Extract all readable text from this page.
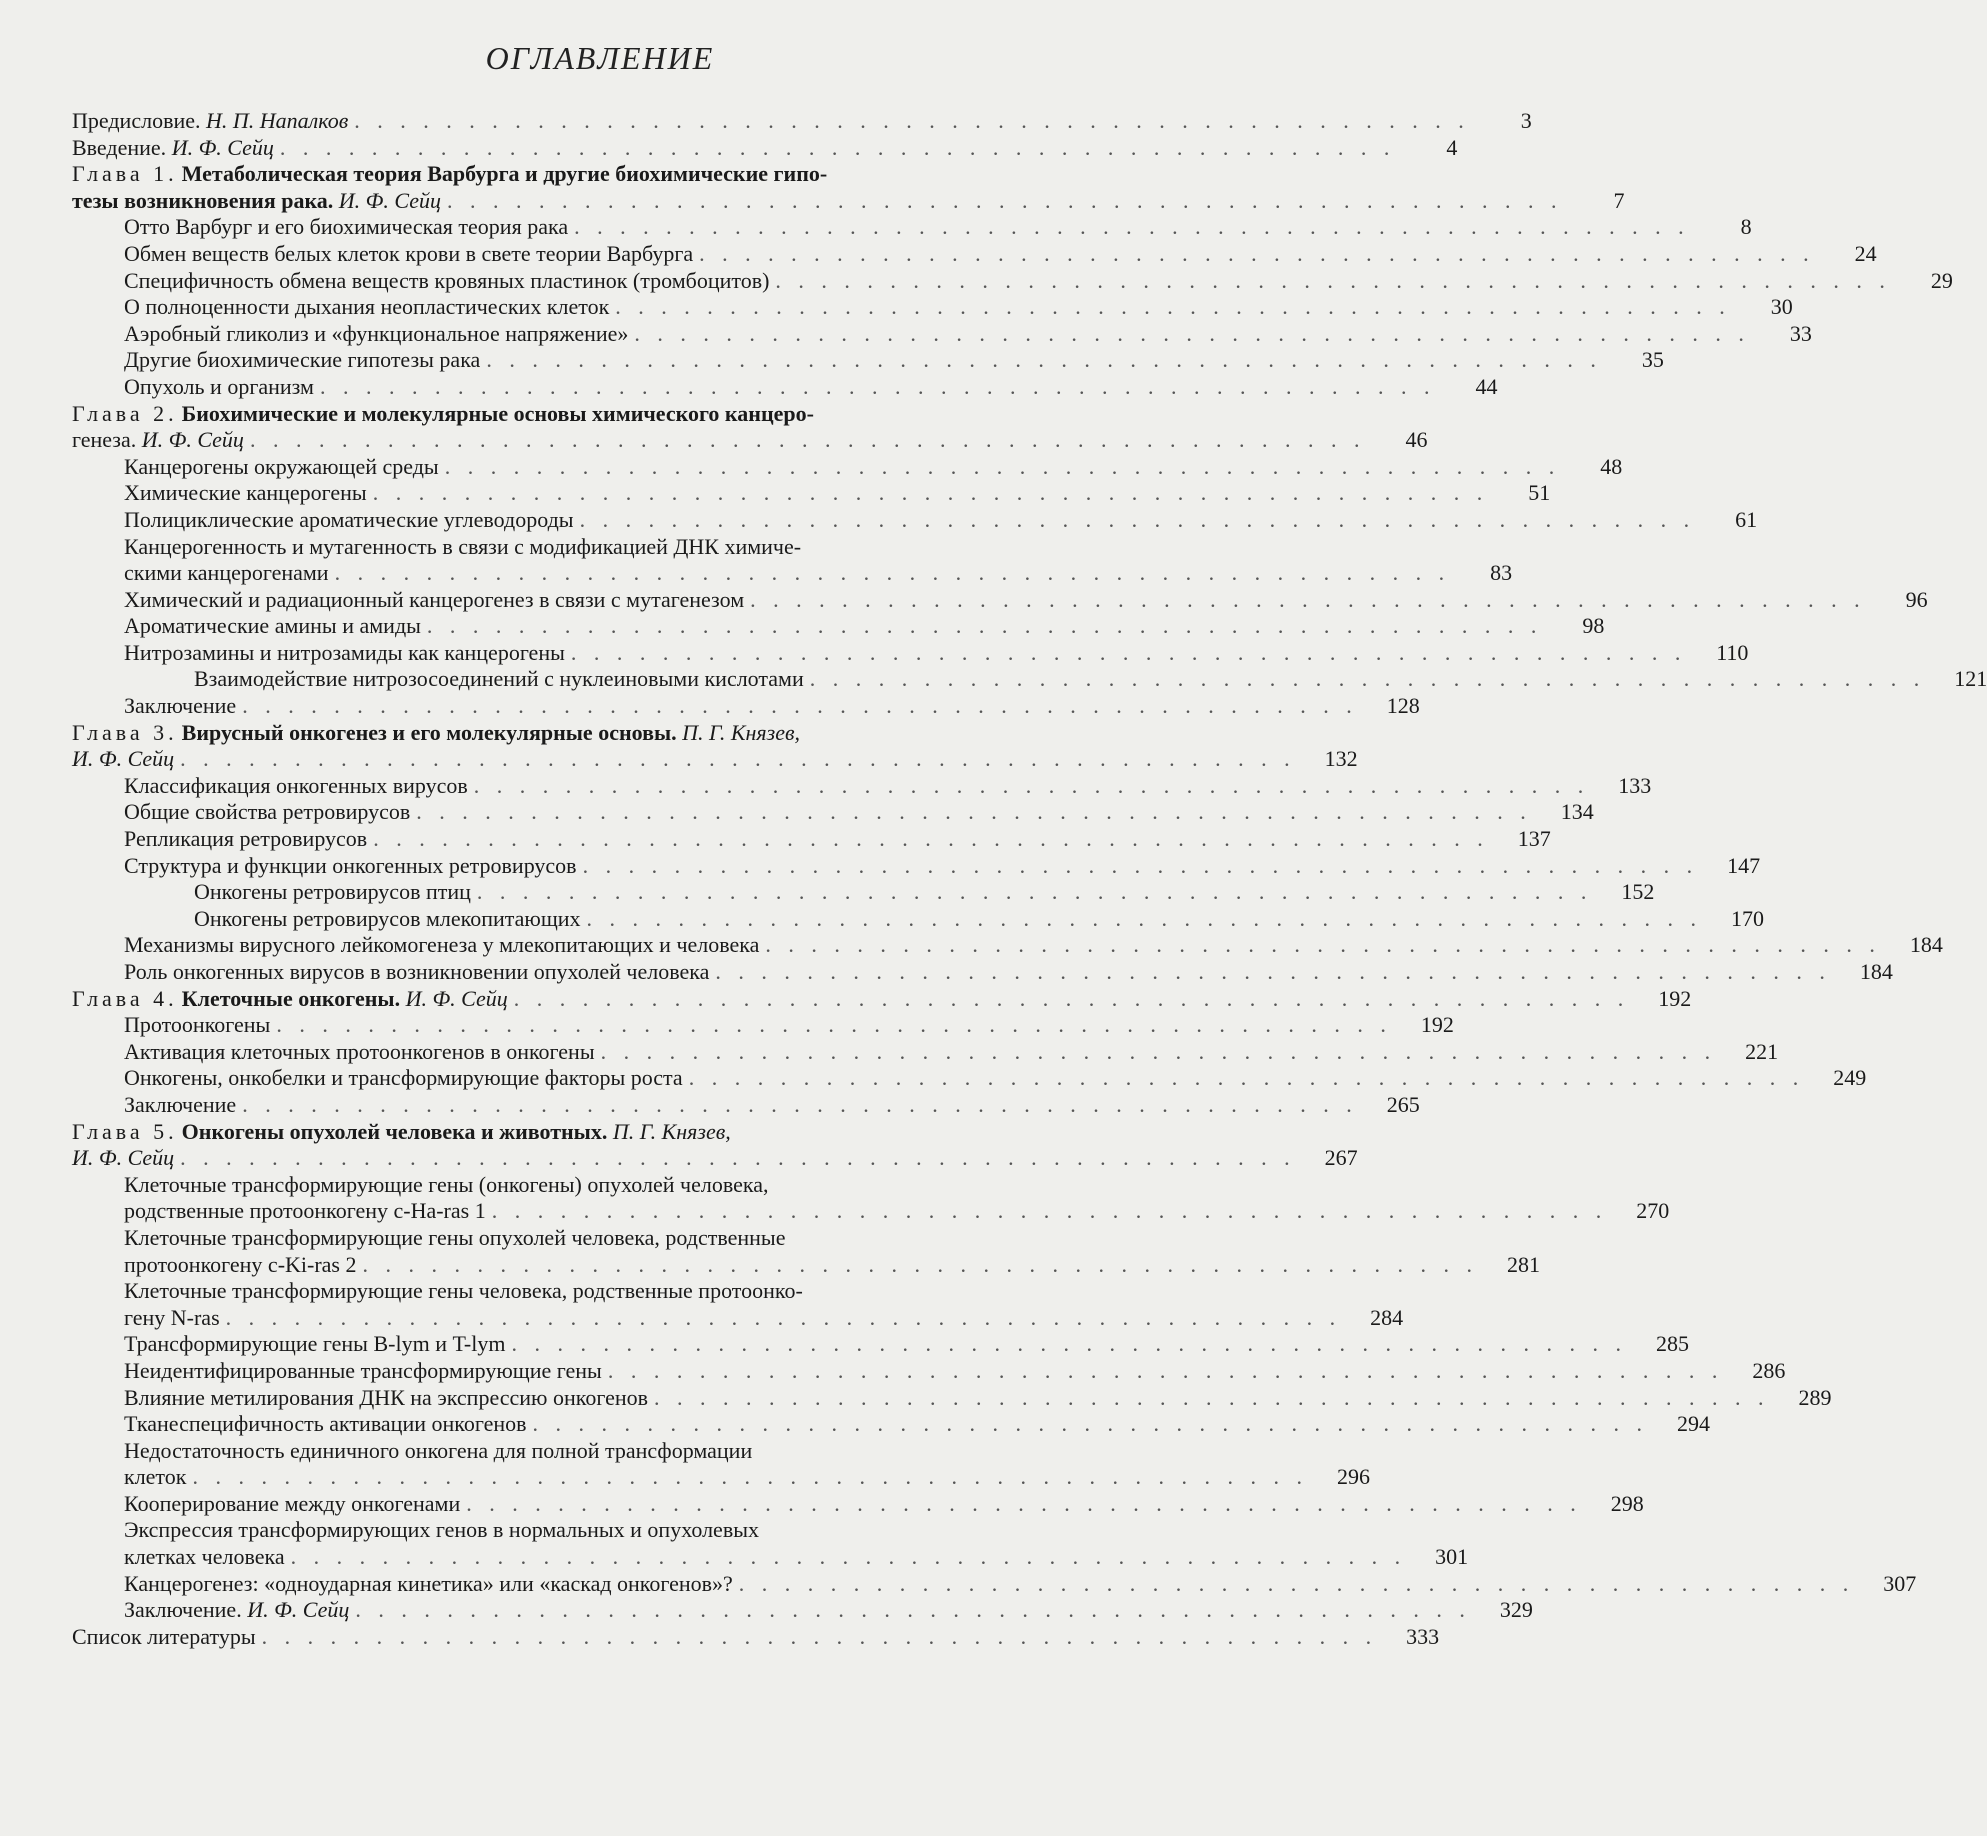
ОГЛАВЛЕНИЕ
Предисловие. Н. П. Напалков . . . . . . . . . . . . . . . . . . . . . . . . . . . . . . . . . . . . . . . . . . . . . . . . .	3
Введение. И. Ф. Сейц . . . . . . . . . . . . . . . . . . . . . . . . . . . . . . . . . . . . . . . . . . . . . . . . .	4
Глава 1. Метаболическая теория Варбурга и другие биохимические гипо-
тезы возникновения рака. И. Ф. Сейц . . . . . . . . . . . . . . . . . . . . . . . . . . . . . . . . . . . . . . . . . . . . . . . . .	7
Отто Варбург и его биохимическая теория рака . . . . . . . . . . . . . . . . . . . . . . . . . . . . . . . . . . . . . . . . . . . . . . . . .	8
Обмен веществ белых клеток крови в свете теории Варбурга . . . . . . . . . . . . . . . . . . . . . . . . . . . . . . . . . . . . . . . . . . . . . . . . .	24
Специфичность обмена веществ кровяных пластинок (тромбоцитов) . . . . . . . . . . . . . . . . . . . . . . . . . . . . . . . . . . . . . . . . . . . . . . . . .	29
О полноценности дыхания неопластических клеток . . . . . . . . . . . . . . . . . . . . . . . . . . . . . . . . . . . . . . . . . . . . . . . . .	30
Аэробный гликолиз и «функциональное напряжение» . . . . . . . . . . . . . . . . . . . . . . . . . . . . . . . . . . . . . . . . . . . . . . . . .	33
Другие биохимические гипотезы рака . . . . . . . . . . . . . . . . . . . . . . . . . . . . . . . . . . . . . . . . . . . . . . . . .	35
Опухоль и организм . . . . . . . . . . . . . . . . . . . . . . . . . . . . . . . . . . . . . . . . . . . . . . . . .	44
Глава 2. Биохимические и молекулярные основы химического канцеро-
генеза. И. Ф. Сейц . . . . . . . . . . . . . . . . . . . . . . . . . . . . . . . . . . . . . . . . . . . . . . . . .	46
Канцерогены окружающей среды . . . . . . . . . . . . . . . . . . . . . . . . . . . . . . . . . . . . . . . . . . . . . . . . .	48
Химические канцерогены . . . . . . . . . . . . . . . . . . . . . . . . . . . . . . . . . . . . . . . . . . . . . . . . .	51
Полициклические ароматические углеводороды . . . . . . . . . . . . . . . . . . . . . . . . . . . . . . . . . . . . . . . . . . . . . . . . .	61
Канцерогенность и мутагенность в связи с модификацией ДНК химиче-
скими канцерогенами . . . . . . . . . . . . . . . . . . . . . . . . . . . . . . . . . . . . . . . . . . . . . . . . .	83
Химический и радиационный канцерогенез в связи с мутагенезом . . . . . . . . . . . . . . . . . . . . . . . . . . . . . . . . . . . . . . . . . . . . . . . . .	96
Ароматические амины и амиды . . . . . . . . . . . . . . . . . . . . . . . . . . . . . . . . . . . . . . . . . . . . . . . . .	98
Нитрозамины и нитрозамиды как канцерогены . . . . . . . . . . . . . . . . . . . . . . . . . . . . . . . . . . . . . . . . . . . . . . . . .	110
Взаимодействие нитрозосоединений с нуклеиновыми кислотами . . . . . . . . . . . . . . . . . . . . . . . . . . . . . . . . . . . . . . . . . . . . . . . . .	121
Заключение . . . . . . . . . . . . . . . . . . . . . . . . . . . . . . . . . . . . . . . . . . . . . . . . .	128
Глава 3. Вирусный онкогенез и его молекулярные основы. П. Г. Князев,
И. Ф. Сейц . . . . . . . . . . . . . . . . . . . . . . . . . . . . . . . . . . . . . . . . . . . . . . . . .	132
Классификация онкогенных вирусов . . . . . . . . . . . . . . . . . . . . . . . . . . . . . . . . . . . . . . . . . . . . . . . . .	133
Общие свойства ретровирусов . . . . . . . . . . . . . . . . . . . . . . . . . . . . . . . . . . . . . . . . . . . . . . . . .	134
Репликация ретровирусов . . . . . . . . . . . . . . . . . . . . . . . . . . . . . . . . . . . . . . . . . . . . . . . . .	137
Структура и функции онкогенных ретровирусов . . . . . . . . . . . . . . . . . . . . . . . . . . . . . . . . . . . . . . . . . . . . . . . . .	147
Онкогены ретровирусов птиц . . . . . . . . . . . . . . . . . . . . . . . . . . . . . . . . . . . . . . . . . . . . . . . . .	152
Онкогены ретровирусов млекопитающих . . . . . . . . . . . . . . . . . . . . . . . . . . . . . . . . . . . . . . . . . . . . . . . . .	170
Механизмы вирусного лейкомогенеза у млекопитающих и человека . . . . . . . . . . . . . . . . . . . . . . . . . . . . . . . . . . . . . . . . . . . . . . . . .	184
Роль онкогенных вирусов в возникновении опухолей человека . . . . . . . . . . . . . . . . . . . . . . . . . . . . . . . . . . . . . . . . . . . . . . . . .	184
Глава 4. Клеточные онкогены. И. Ф. Сейц . . . . . . . . . . . . . . . . . . . . . . . . . . . . . . . . . . . . . . . . . . . . . . . . .	192
Протоонкогены . . . . . . . . . . . . . . . . . . . . . . . . . . . . . . . . . . . . . . . . . . . . . . . . .	192
Активация клеточных протоонкогенов в онкогены . . . . . . . . . . . . . . . . . . . . . . . . . . . . . . . . . . . . . . . . . . . . . . . . .	221
Онкогены, онкобелки и трансформирующие факторы роста . . . . . . . . . . . . . . . . . . . . . . . . . . . . . . . . . . . . . . . . . . . . . . . . .	249
Заключение . . . . . . . . . . . . . . . . . . . . . . . . . . . . . . . . . . . . . . . . . . . . . . . . .	265
Глава 5. Онкогены опухолей человека и животных. П. Г. Князев,
И. Ф. Сейц . . . . . . . . . . . . . . . . . . . . . . . . . . . . . . . . . . . . . . . . . . . . . . . . .	267
Клеточные трансформирующие гены (онкогены) опухолей человека,
родственные протоонкогену c-Ha-ras 1 . . . . . . . . . . . . . . . . . . . . . . . . . . . . . . . . . . . . . . . . . . . . . . . . .	270
Клеточные трансформирующие гены опухолей человека, родственные
протоонкогену c-Ki-ras 2 . . . . . . . . . . . . . . . . . . . . . . . . . . . . . . . . . . . . . . . . . . . . . . . . .	281
Клеточные трансформирующие гены человека, родственные протоонко-
гену N-ras . . . . . . . . . . . . . . . . . . . . . . . . . . . . . . . . . . . . . . . . . . . . . . . . .	284
Трансформирующие гены B-lym и T-lym . . . . . . . . . . . . . . . . . . . . . . . . . . . . . . . . . . . . . . . . . . . . . . . . .	285
Неидентифицированные трансформирующие гены . . . . . . . . . . . . . . . . . . . . . . . . . . . . . . . . . . . . . . . . . . . . . . . . .	286
Влияние метилирования ДНК на экспрессию онкогенов . . . . . . . . . . . . . . . . . . . . . . . . . . . . . . . . . . . . . . . . . . . . . . . . .	289
Тканеспецифичность активации онкогенов . . . . . . . . . . . . . . . . . . . . . . . . . . . . . . . . . . . . . . . . . . . . . . . . .	294
Недостаточность единичного онкогена для полной трансформации
клеток . . . . . . . . . . . . . . . . . . . . . . . . . . . . . . . . . . . . . . . . . . . . . . . . .	296
Кооперирование между онкогенами . . . . . . . . . . . . . . . . . . . . . . . . . . . . . . . . . . . . . . . . . . . . . . . . .	298
Экспрессия трансформирующих генов в нормальных и опухолевых
клетках человека . . . . . . . . . . . . . . . . . . . . . . . . . . . . . . . . . . . . . . . . . . . . . . . . .	301
Канцерогенез: «одноударная кинетика» или «каскад онкогенов»? . . . . . . . . . . . . . . . . . . . . . . . . . . . . . . . . . . . . . . . . . . . . . . . . .	307
Заключение. И. Ф. Сейц . . . . . . . . . . . . . . . . . . . . . . . . . . . . . . . . . . . . . . . . . . . . . . . . .	329
Список литературы . . . . . . . . . . . . . . . . . . . . . . . . . . . . . . . . . . . . . . . . . . . . . . . . .	333
